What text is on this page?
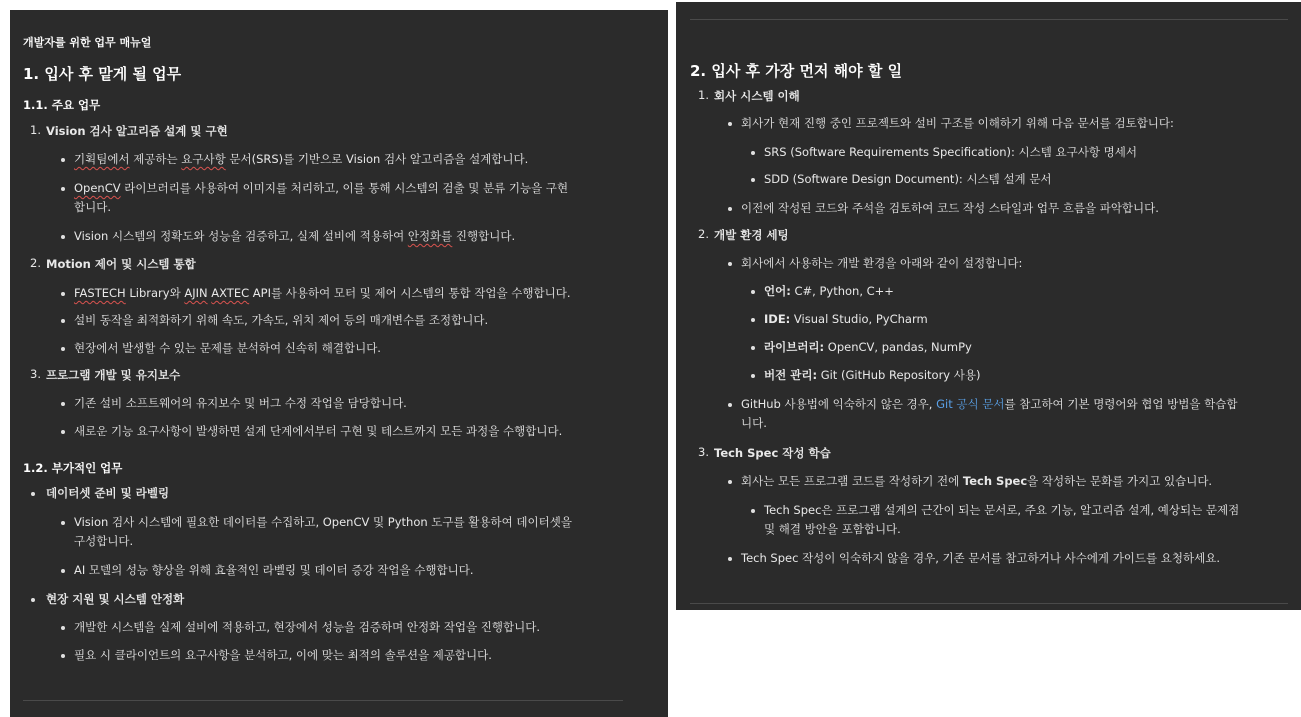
개발자를 위한 업무 매뉴얼
1. 입사 후 맡게 될 업무
1.1. 주요 업무
1. Vision 검사 알고리즘 설계 및 구현
기획팀에서 제공하는 요구사항 문서(SRS)를 기반으로 Vision 검사 알고리즘을 설계합니다.
OpenCV 라이브러리를 사용하여 이미지를 처리하고, 이를 통해 시스템의 검출 및 분류 기능을 구현
합니다.
Vision 시스템의 정확도와 성능을 검증하고, 실제 설비에 적용하여 안정화를 진행합니다.
2. Motion 제어 및 시스템 통합
FASTECH Library와 AJIN AXTEC API를 사용하여 모터 및 제어 시스템의 통합 작업을 수행합니다.
설비 동작을 최적화하기 위해 속도, 가속도, 위치 제어 등의 매개변수를 조정합니다.
현장에서 발생할 수 있는 문제를 분석하여 신속히 해결합니다.
3. 프로그램 개발 및 유지보수
기존 설비 소프트웨어의 유지보수 및 버그 수정 작업을 담당합니다.
새로운 기능 요구사항이 발생하면 설계 단계에서부터 구현 및 테스트까지 모든 과정을 수행합니다.
1.2. 부가적인 업무
데이터셋 준비 및 라벨링
Vision 검사 시스템에 필요한 데이터를 수집하고, OpenCV 및 Python 도구를 활용하여 데이터셋을
구성합니다.
AI 모델의 성능 향상을 위해 효율적인 라벨링 및 데이터 증강 작업을 수행합니다.
현장 지원 및 시스템 안정화
개발한 시스템을 실제 설비에 적용하고, 현장에서 성능을 검증하며 안정화 작업을 진행합니다.
필요 시 클라이언트의 요구사항을 분석하고, 이에 맞는 최적의 솔루션을 제공합니다.
2. 입사 후 가장 먼저 해야 할 일
1. 회사 시스템 이해
회사가 현재 진행 중인 프로젝트와 설비 구조를 이해하기 위해 다음 문서를 검토합니다:
SRS (Software Requirements Specification): 시스템 요구사항 명세서
SDD (Software Design Document): 시스템 설계 문서
이전에 작성된 코드와 주석을 검토하여 코드 작성 스타일과 업무 흐름을 파악합니다.
2. 개발 환경 세팅
회사에서 사용하는 개발 환경을 아래와 같이 설정합니다:
언어: C#, Python, C++
IDE: Visual Studio, PyCharm
라이브러리: OpenCV, pandas, NumPy
버전 관리: Git (GitHub Repository 사용)
GitHub 사용법에 익숙하지 않은 경우, Git 공식 문서를 참고하여 기본 명령어와 협업 방법을 학습합
니다.
3. Tech Spec 작성 학습
회사는 모든 프로그램 코드를 작성하기 전에 Tech Spec을 작성하는 문화를 가지고 있습니다.
Tech Spec은 프로그램 설계의 근간이 되는 문서로, 주요 기능, 알고리즘 설계, 예상되는 문제점
및 해결 방안을 포함합니다.
Tech Spec 작성이 익숙하지 않을 경우, 기존 문서를 참고하거나 사수에게 가이드를 요청하세요.
